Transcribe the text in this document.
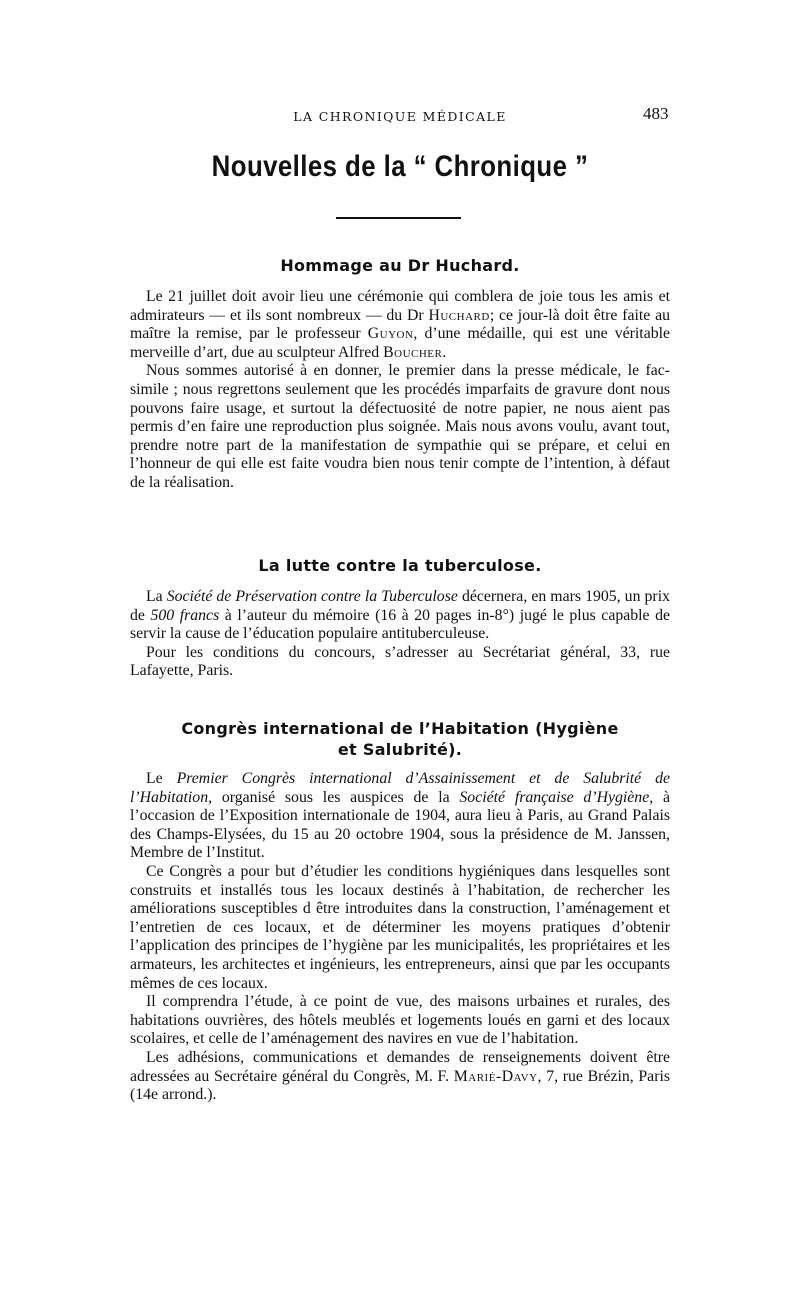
LA CHRONIQUE MÉDICALE	483
Nouvelles de la “ Chronique ”
Hommage au Dr Huchard.

Le 21 juillet doit avoir lieu une cérémonie qui comblera de joie tous les amis et admirateurs — et ils sont nombreux — du Dr Huchard; ce jour-là doit être faite au maître la remise, par le professeur Guyon, d’une médaille, qui est une véritable merveille d’art, due au sculpteur Alfred Boucher.

Nous sommes autorisé à en donner, le premier dans la presse médicale, le fac-simile ; nous regrettons seulement que les procédés imparfaits de gravure dont nous pouvons faire usage, et surtout la défectuosité de notre papier, ne nous aient pas permis d’en faire une reproduction plus soignée. Mais nous avons voulu, avant tout, prendre notre part de la manifestation de sympathie qui se prépare, et celui en l’honneur de qui elle est faite voudra bien nous tenir compte de l’intention, à défaut de la réalisation.

La lutte contre la tuberculose.

La Société de Préservation contre la Tuberculose décernera, en mars 1905, un prix de 500 francs à l’auteur du mémoire (16 à 20 pages in-8°) jugé le plus capable de servir la cause de l’éducation populaire antituberculeuse.

Pour les conditions du concours, s’adresser au Secrétariat général, 33, rue Lafayette, Paris.

Congrès international de l’Habitation (Hygiène
et Salubrité).

Le Premier Congrès international d’Assainissement et de Salubrité de l’Habitation, organisé sous les auspices de la Société française d’Hygiène, à l’occasion de l’Exposition internationale de 1904, aura lieu à Paris, au Grand Palais des Champs-Elysées, du 15 au 20 octobre 1904, sous la présidence de M. Janssen, Membre de l’Institut.

Ce Congrès a pour but d’étudier les conditions hygiéniques dans lesquelles sont construits et installés tous les locaux destinés à l’habitation, de rechercher les améliorations susceptibles d être introduites dans la construction, l’aménagement et l’entretien de ces locaux, et de déterminer les moyens pratiques d’obtenir l’application des principes de l’hygiène par les municipalités, les propriétaires et les armateurs, les architectes et ingénieurs, les entrepreneurs, ainsi que par les occupants mêmes de ces locaux.

Il comprendra l’étude, à ce point de vue, des maisons urbaines et rurales, des habitations ouvrières, des hôtels meublés et logements loués en garni et des locaux scolaires, et celle de l’aménagement des navires en vue de l’habitation.

Les adhésions, communications et demandes de renseignements doivent être adressées au Secrétaire général du Congrès, M. F. Marié-Davy, 7, rue Brézin, Paris (14e arrond.).
